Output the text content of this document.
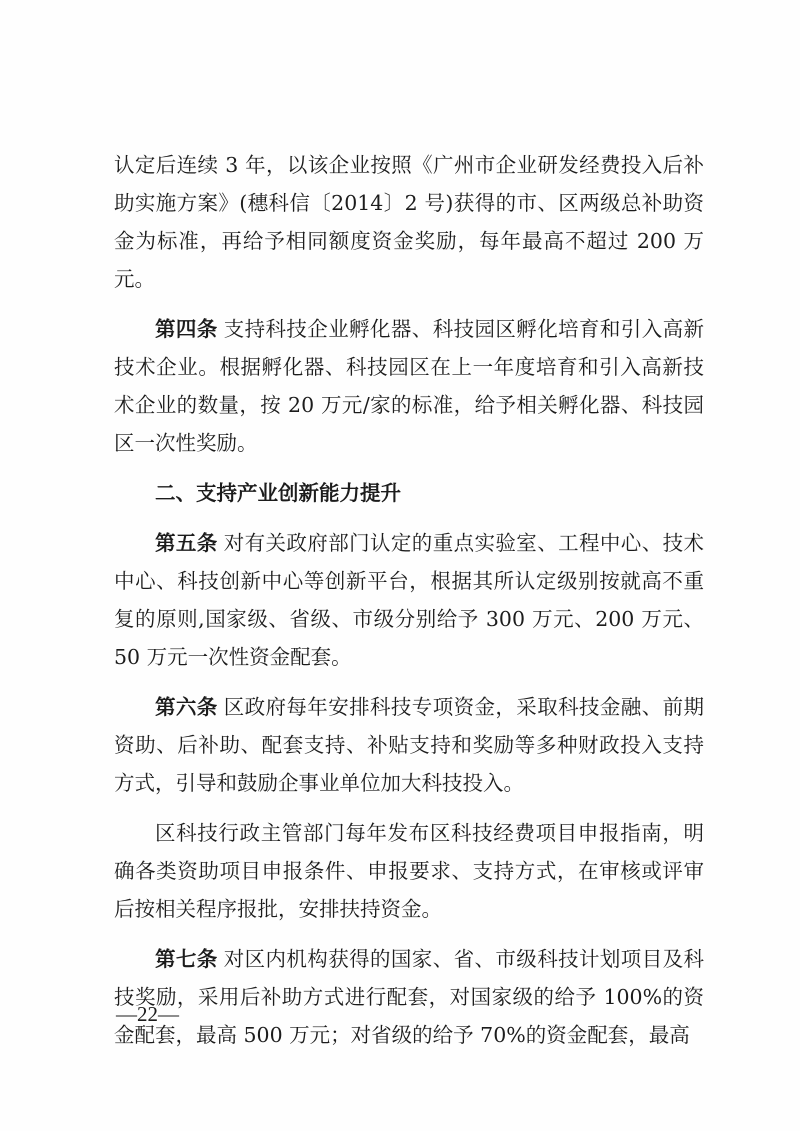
认定后连续 3 年，以该企业按照《广州市企业研发经费投入后补助实施方案》(穗科信〔2014〕2 号)获得的市、区两级总补助资金为标准，再给予相同额度资金奖励，每年最高不超过 200 万元。

第四条 支持科技企业孵化器、科技园区孵化培育和引入高新技术企业。根据孵化器、科技园区在上一年度培育和引入高新技术企业的数量，按 20 万元/家的标准，给予相关孵化器、科技园区一次性奖励。

二、支持产业创新能力提升

第五条 对有关政府部门认定的重点实验室、工程中心、技术中心、科技创新中心等创新平台，根据其所认定级别按就高不重复的原则,国家级、省级、市级分别给予 300 万元、200 万元、50 万元一次性资金配套。

第六条 区政府每年安排科技专项资金，采取科技金融、前期资助、后补助、配套支持、补贴支持和奖励等多种财政投入支持方式，引导和鼓励企事业单位加大科技投入。

区科技行政主管部门每年发布区科技经费项目申报指南，明确各类资助项目申报条件、申报要求、支持方式，在审核或评审后按相关程序报批，安排扶持资金。

第七条 对区内机构获得的国家、省、市级科技计划项目及科技奖励，采用后补助方式进行配套，对国家级的给予 100%的资金配套，最高 500 万元；对省级的给予 70%的资金配套，最高

—22—
